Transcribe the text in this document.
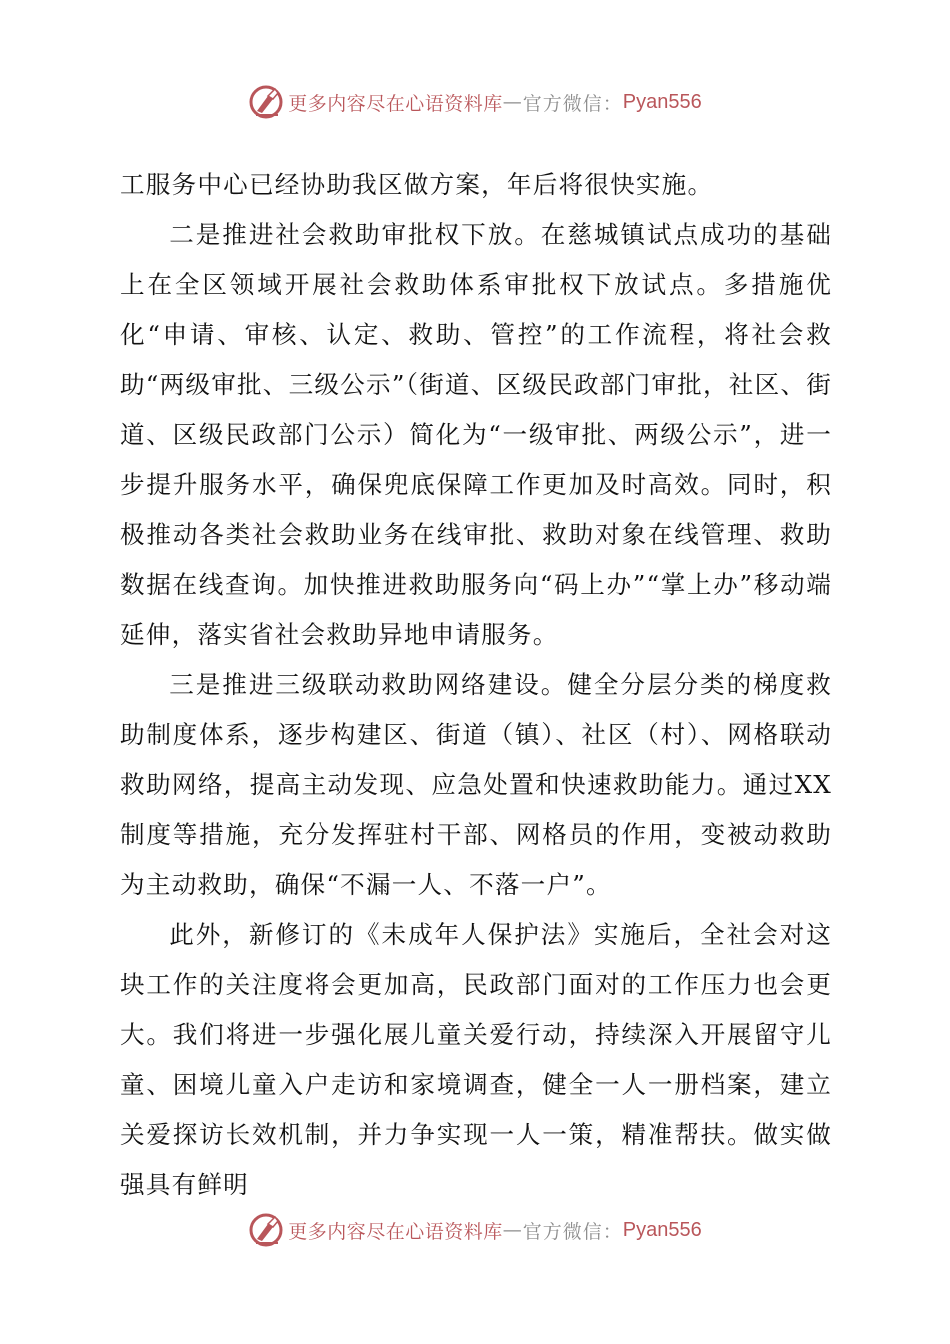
更多内容尽在心语资料库 — 官方微信： Pyan556

工服务中心已经协助我区做方案，年后将很快实施。

二是推进社会救助审批权下放。在慈城镇试点成功的基础上在全区领域开展社会救助体系审批权下放试点。多措施优化“申请、审核、认定、救助、管控”的工作流程，将社会救助“两级审批、三级公示”（街道、区级民政部门审批，社区、街道、区级民政部门公示）简化为“一级审批、两级公示”，进一步提升服务水平，确保兜底保障工作更加及时高效。同时，积极推动各类社会救助业务在线审批、救助对象在线管理、救助数据在线查询。加快推进救助服务向“码上办”“掌上办”移动端延伸，落实省社会救助异地申请服务。

三是推进三级联动救助网络建设。健全分层分类的梯度救助制度体系，逐步构建区、街道（镇）、社区（村）、网格联动救助网络，提高主动发现、应急处置和快速救助能力。通过XX制度等措施，充分发挥驻村干部、网格员的作用，变被动救助为主动救助，确保“不漏一人、不落一户”。

此外，新修订的《未成年人保护法》实施后，全社会对这块工作的关注度将会更加高，民政部门面对的工作压力也会更大。我们将进一步强化展儿童关爱行动，持续深入开展留守儿童、困境儿童入户走访和家境调查，健全一人一册档案，建立关爱探访长效机制，并力争实现一人一策，精准帮扶。做实做强具有鲜明

更多内容尽在心语资料库 — 官方微信： Pyan556
